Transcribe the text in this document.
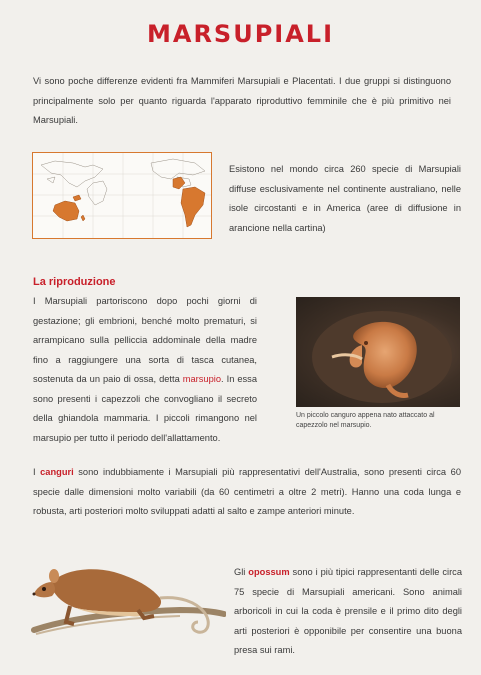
MARSUPIALI
Vi sono poche differenze evidenti fra Mammiferi Marsupiali e Placentati. I due gruppi si distinguono principalmente solo per quanto riguarda l'apparato riproduttivo femminile che è più primitivo nei Marsupiali.
Esistono nel mondo circa 260 specie di Marsupiali diffuse esclusivamente nel continente australiano, nelle isole circostanti e in America (aree di diffusione in arancione nella cartina)
La riproduzione
I Marsupiali partoriscono dopo pochi giorni di gestazione; gli embrioni, benché molto prematuri, si arrampicano sulla pelliccia addominale della madre fino a raggiungere una sorta di tasca cutanea, sostenuta da un paio di ossa, detta marsupio. In essa sono presenti i capezzoli che convogliano il secreto della ghiandola mammaria. I piccoli rimangono nel marsupio per tutto il periodo dell'allattamento.
Un piccolo canguro appena nato attaccato al capezzolo nel marsupio.
I canguri sono indubbiamente i Marsupiali più rappresentativi dell'Australia, sono presenti circa 60 specie dalle dimensioni molto variabili (da 60 centimetri a oltre 2 metri). Hanno una coda lunga e robusta, arti posteriori molto sviluppati adatti al salto e zampe anteriori minute.
Gli opossum sono i più tipici rappresentanti delle circa 75 specie di Marsupiali americani. Sono animali arboricoli in cui la coda è prensile e il primo dito degli arti posteriori è opponibile per consentire una buona presa sui rami.
